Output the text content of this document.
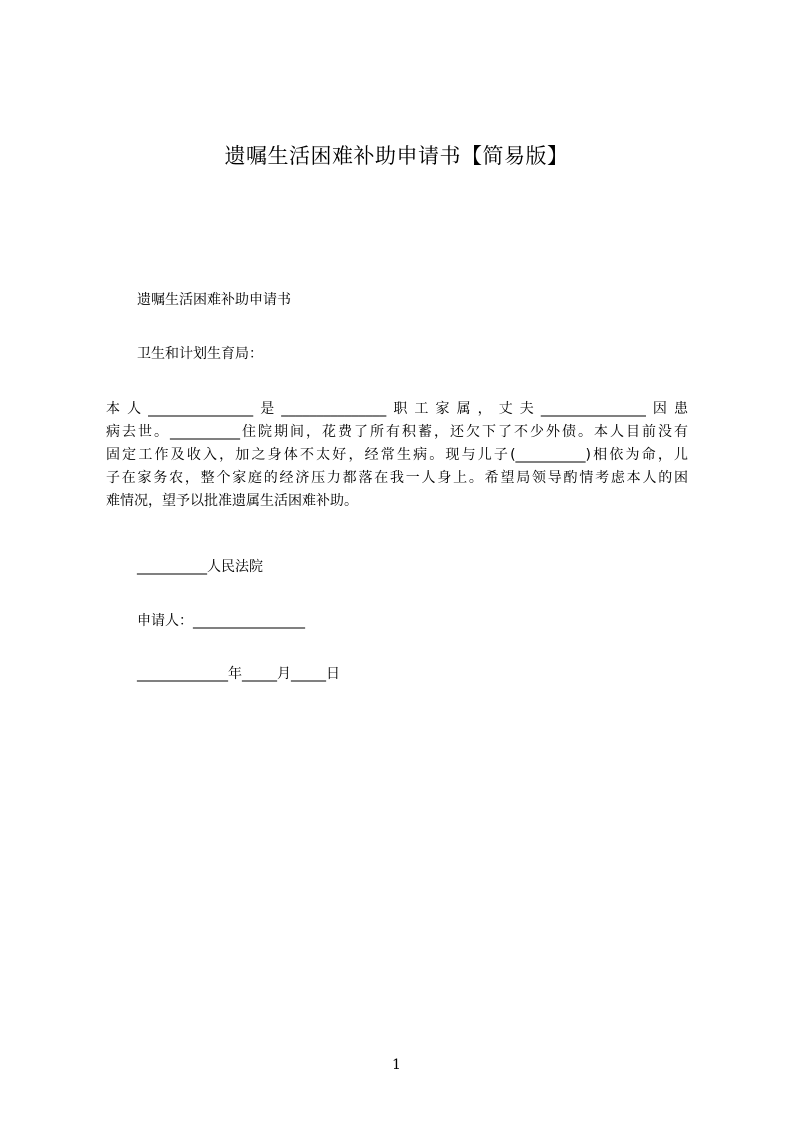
遗嘱生活困难补助申请书【简易版】
遗嘱生活困难补助申请书
卫生和计划生育局：
本人_______________是_______________职工家属，丈夫_______________因患
病去世。__________住院期间，花费了所有积蓄，还欠下了不少外债。本人目前没有
固定工作及收入，加之身体不太好，经常生病。现与儿子(__________)相依为命，儿
子在家务农，整个家庭的经济压力都落在我一人身上。希望局领导酌情考虑本人的困
难情况，望予以批准遗属生活困难补助。
__________人民法院
申请人：________________
_____________年_____月_____日
1
